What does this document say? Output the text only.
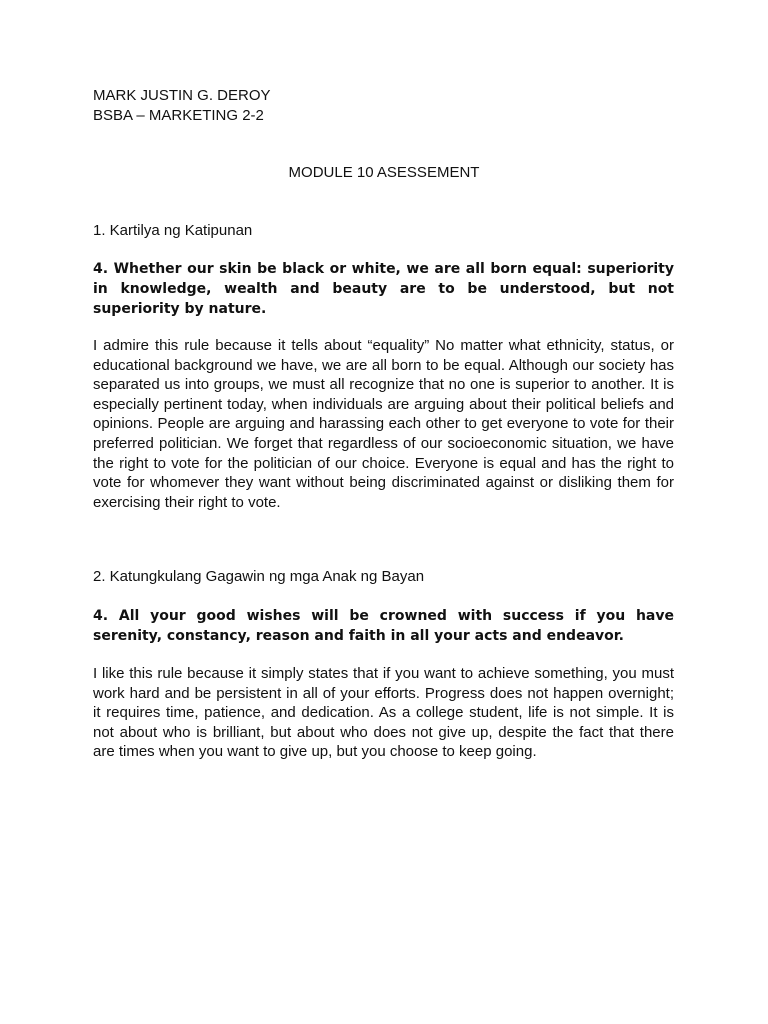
MARK JUSTIN G. DEROY
BSBA – MARKETING 2-2
MODULE 10 ASESSEMENT
1. Kartilya ng Katipunan
4. Whether our skin be black or white, we are all born equal: superiority in knowledge, wealth and beauty are to be understood, but not superiority by nature.
I admire this rule because it tells about “equality” No matter what ethnicity, status, or educational background we have, we are all born to be equal. Although our society has separated us into groups, we must all recognize that no one is superior to another. It is especially pertinent today, when individuals are arguing about their political beliefs and opinions. People are arguing and harassing each other to get everyone to vote for their preferred politician. We forget that regardless of our socioeconomic situation, we have the right to vote for the politician of our choice. Everyone is equal and has the right to vote for whomever they want without being discriminated against or disliking them for exercising their right to vote.
2. Katungkulang Gagawin ng mga Anak ng Bayan
4. All your good wishes will be crowned with success if you have serenity, constancy, reason and faith in all your acts and endeavor.
I like this rule because it simply states that if you want to achieve something, you must work hard and be persistent in all of your efforts. Progress does not happen overnight; it requires time, patience, and dedication. As a college student, life is not simple. It is not about who is brilliant, but about who does not give up, despite the fact that there are times when you want to give up, but you choose to keep going.
